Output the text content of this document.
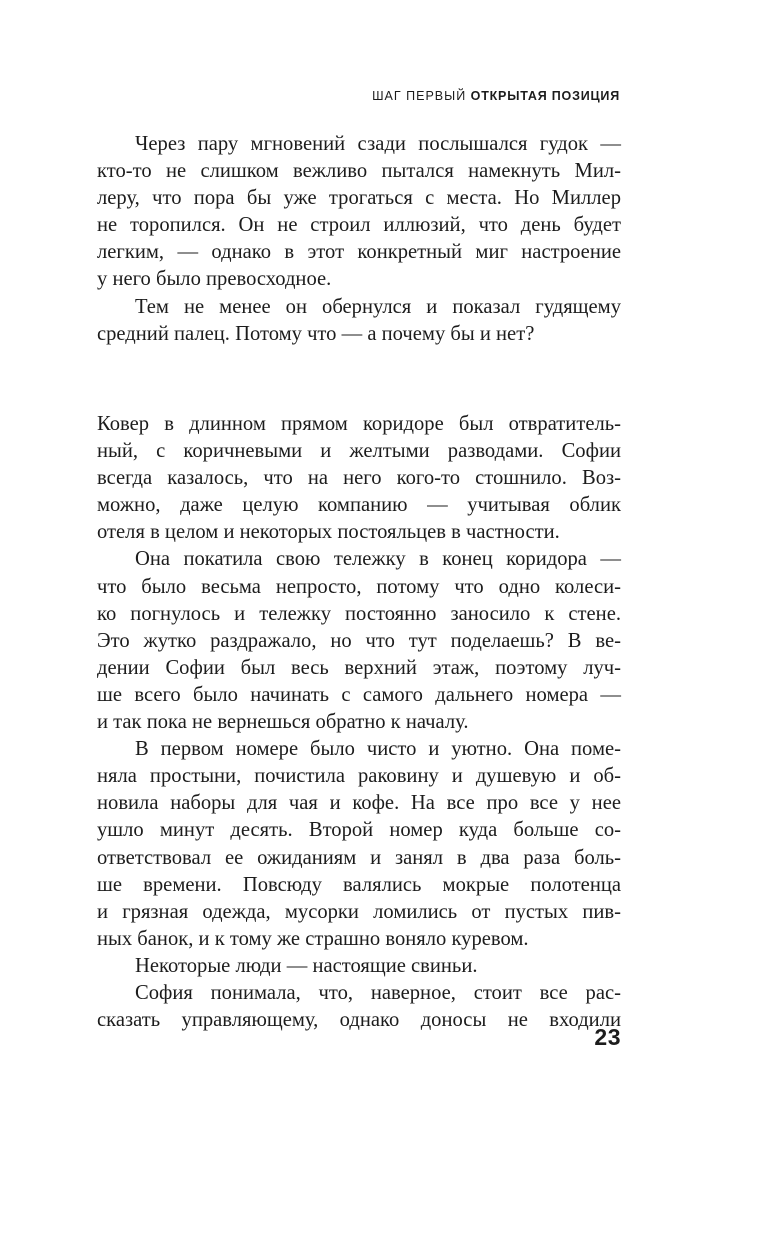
ШАГ ПЕРВЫЙ ОТКРЫТАЯ ПОЗИЦИЯ
Через пару мгновений сзади послышался гудок —
кто-то не слишком вежливо пытался намекнуть Мил-
леру, что пора бы уже трогаться с места. Но Миллер
не торопился. Он не строил иллюзий, что день будет
легким, — однако в этот конкретный миг настроение
у него было превосходное.
Тем не менее он обернулся и показал гудящему
средний палец. Потому что — а почему бы и нет?
Ковер в длинном прямом коридоре был отвратитель-
ный, с коричневыми и желтыми разводами. Софии
всегда казалось, что на него кого-то стошнило. Воз-
можно, даже целую компанию — учитывая облик
отеля в целом и некоторых постояльцев в частности.
Она покатила свою тележку в конец коридора —
что было весьма непросто, потому что одно колеси-
ко погнулось и тележку постоянно заносило к стене.
Это жутко раздражало, но что тут поделаешь? В ве-
дении Софии был весь верхний этаж, поэтому луч-
ше всего было начинать с самого дальнего номера —
и так пока не вернешься обратно к началу.
В первом номере было чисто и уютно. Она поме-
няла простыни, почистила раковину и душевую и об-
новила наборы для чая и кофе. На все про все у нее
ушло минут десять. Второй номер куда больше со-
ответствовал ее ожиданиям и занял в два раза боль-
ше времени. Повсюду валялись мокрые полотенца
и грязная одежда, мусорки ломились от пустых пив-
ных банок, и к тому же страшно воняло куревом.
Некоторые люди — настоящие свиньи.
София понимала, что, наверное, стоит все рас-
сказать управляющему, однако доносы не входили
23
